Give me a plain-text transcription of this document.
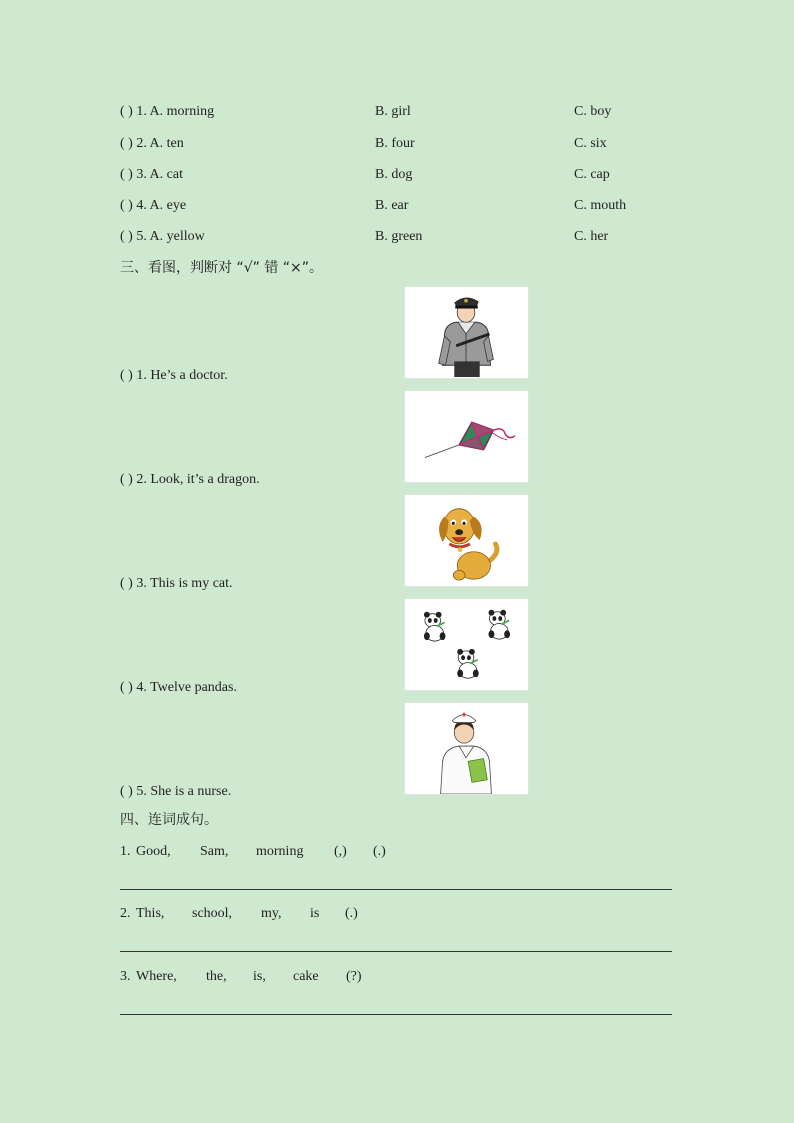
( ) 1. A. morning	B. girl	C. boy
( ) 2. A. ten	B. four	C. six
( ) 3. A. cat	B. dog	C. cap
( ) 4. A. eye	B. ear	C. mouth
( ) 5. A. yellow	B. green	C. her
三、看图，判断对 “√” 错 “×”。
( ) 1. He’s a doctor.
( ) 2. Look, it’s a dragon.
( ) 3. This is my cat.
( ) 4. Twelve pandas.
( ) 5. She is a nurse.
四、连词成句。
1. Good, Sam, morning (,) (.)
2. This, school, my, is (.)
3. Where, the, is, cake (?)
